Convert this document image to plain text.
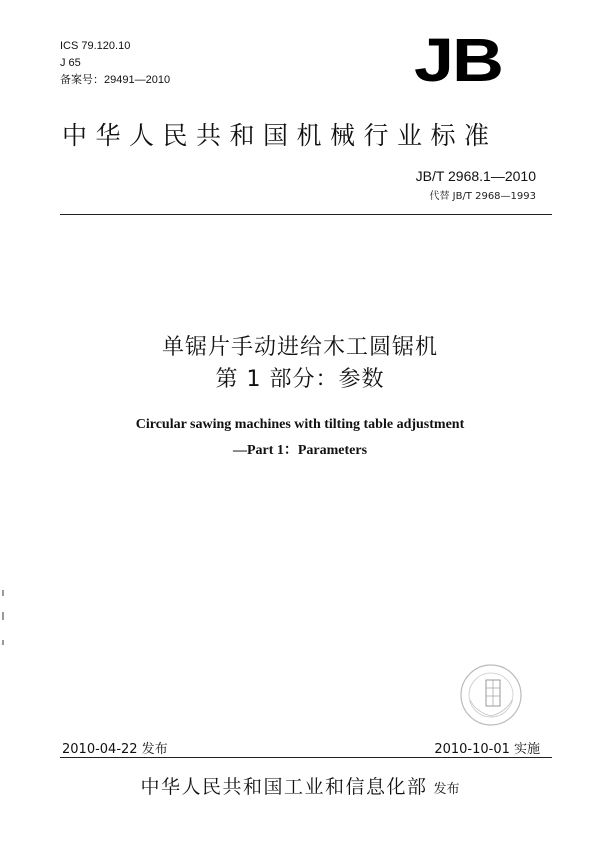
ICS 79.120.10
J 65
备案号：29491—2010	JB
中华人民共和国机械行业标准
JB/T 2968.1—2010
代替 JB/T 2968—1993
单锯片手动进给木工圆锯机
第 1 部分：参数
Circular sawing machines with tilting table adjustment
—Part 1：Parameters
2010-04-22 发布	2010-10-01 实施
中华人民共和国工业和信息化部 发布
